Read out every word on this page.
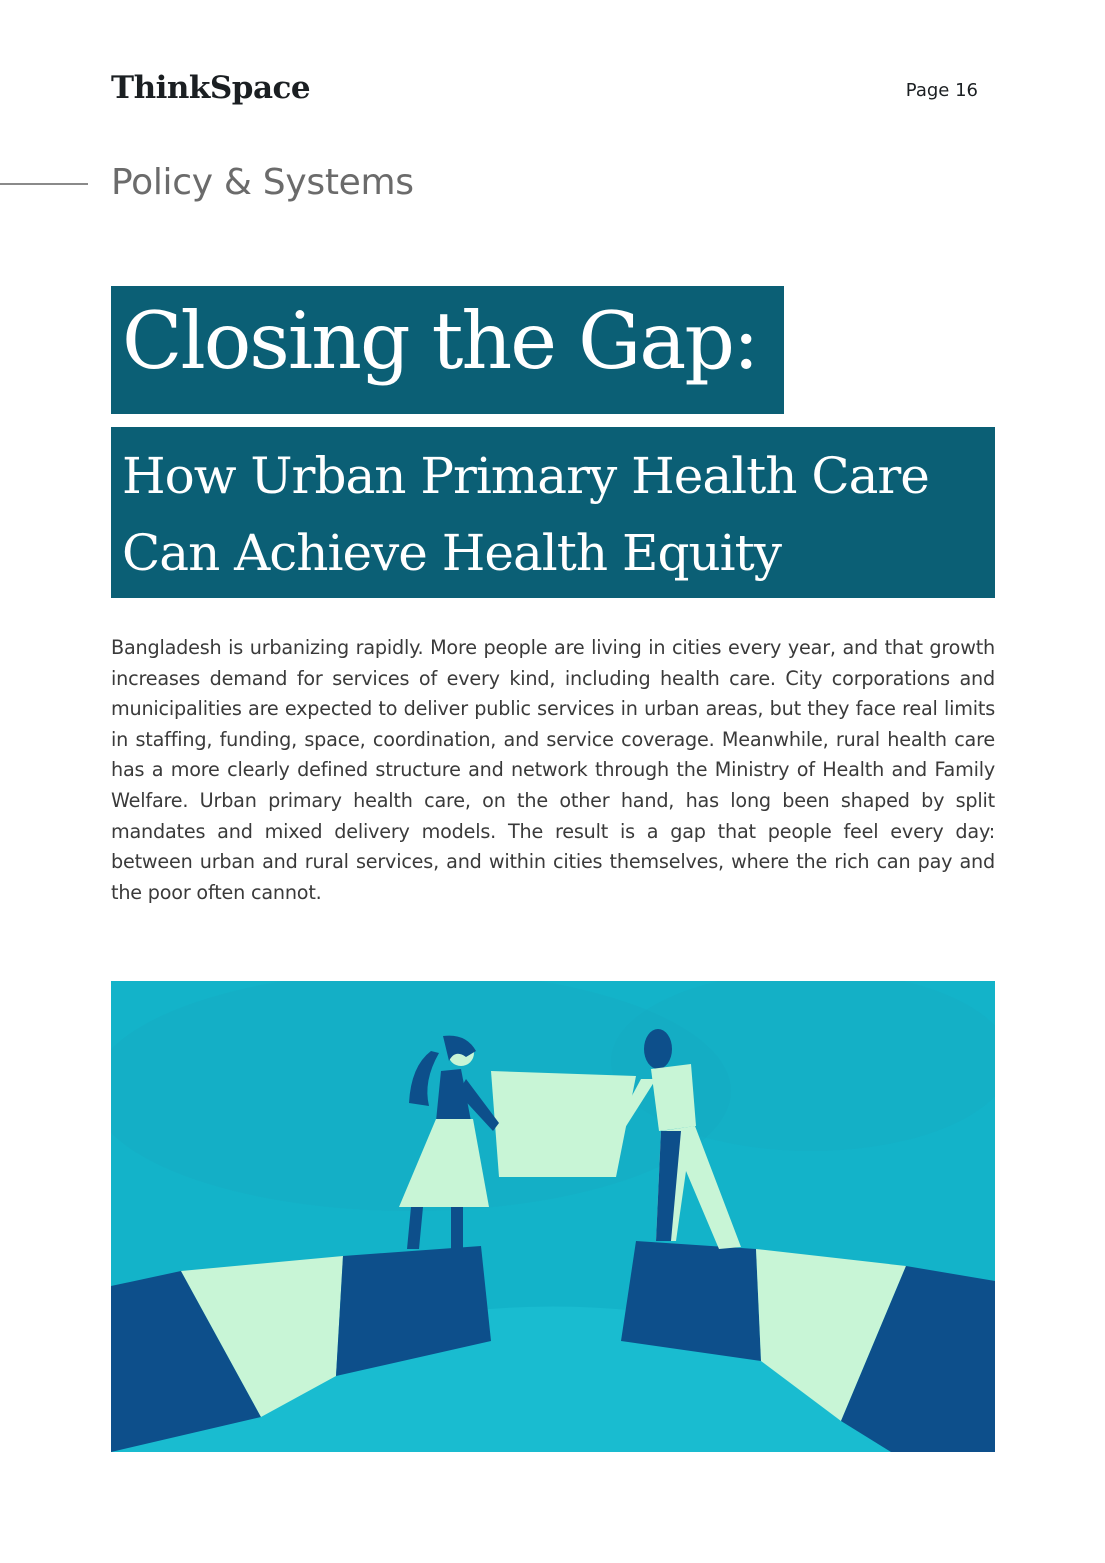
ThinkSpace	Page 16
Policy & Systems
Closing the Gap:
How Urban Primary Health Care
Can Achieve Health Equity
Bangladesh is urbanizing rapidly. More people are living in cities every year, and that growth increases demand for services of every kind, including health care. City corporations and municipalities are expected to deliver public services in urban areas, but they face real limits in staffing, funding, space, coordination, and service coverage. Meanwhile, rural health care has a more clearly defined structure and network through the Ministry of Health and Family Welfare. Urban primary health care, on the other hand, has long been shaped by split mandates and mixed delivery models. The result is a gap that people feel every day: between urban and rural services, and within cities themselves, where the rich can pay and the poor often cannot.
